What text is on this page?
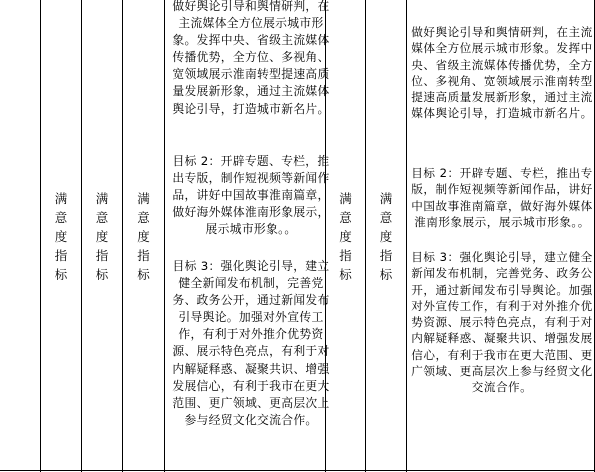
满意度指标
满意度指标
满意度指标

做好舆论引导和舆情研判，在主流媒体全方位展示城市形象。发挥中央、省级主流媒体传播优势，全方位、多视角、宽领域展示淮南转型提速高质量发展新形象，通过主流媒体舆论引导，打造城市新名片。

目标 2：开辟专题、专栏，推出专版，制作短视频等新闻作品，讲好中国故事淮南篇章，做好海外媒体淮南形象展示，展示城市形象。。

目标 3：强化舆论引导，建立健全新闻发布机制，完善党务、政务公开，通过新闻发布引导舆论。加强对外宣传工作，有利于对外推介优势资源、展示特色亮点，有利于对内解疑释惑、凝聚共识、增强发展信心，有利于我市在更大范围、更广领域、更高层次上参与经贸文化交流合作。

满意度指标
满意度指标

做好舆论引导和舆情研判，在主流媒体全方位展示城市形象。发挥中央、省级主流媒体传播优势，全方位、多视角、宽领域展示淮南转型提速高质量发展新形象，通过主流媒体舆论引导，打造城市新名片。

目标 2：开辟专题、专栏，推出专版，制作短视频等新闻作品，讲好中国故事淮南篇章，做好海外媒体淮南形象展示，展示城市形象。。

目标 3：强化舆论引导，建立健全新闻发布机制，完善党务、政务公开，通过新闻发布引导舆论。加强对外宣传工作，有利于对外推介优势资源、展示特色亮点，有利于对内解疑释惑、凝聚共识、增强发展信心，有利于我市在更大范围、更广领域、更高层次上参与经贸文化交流合作。
